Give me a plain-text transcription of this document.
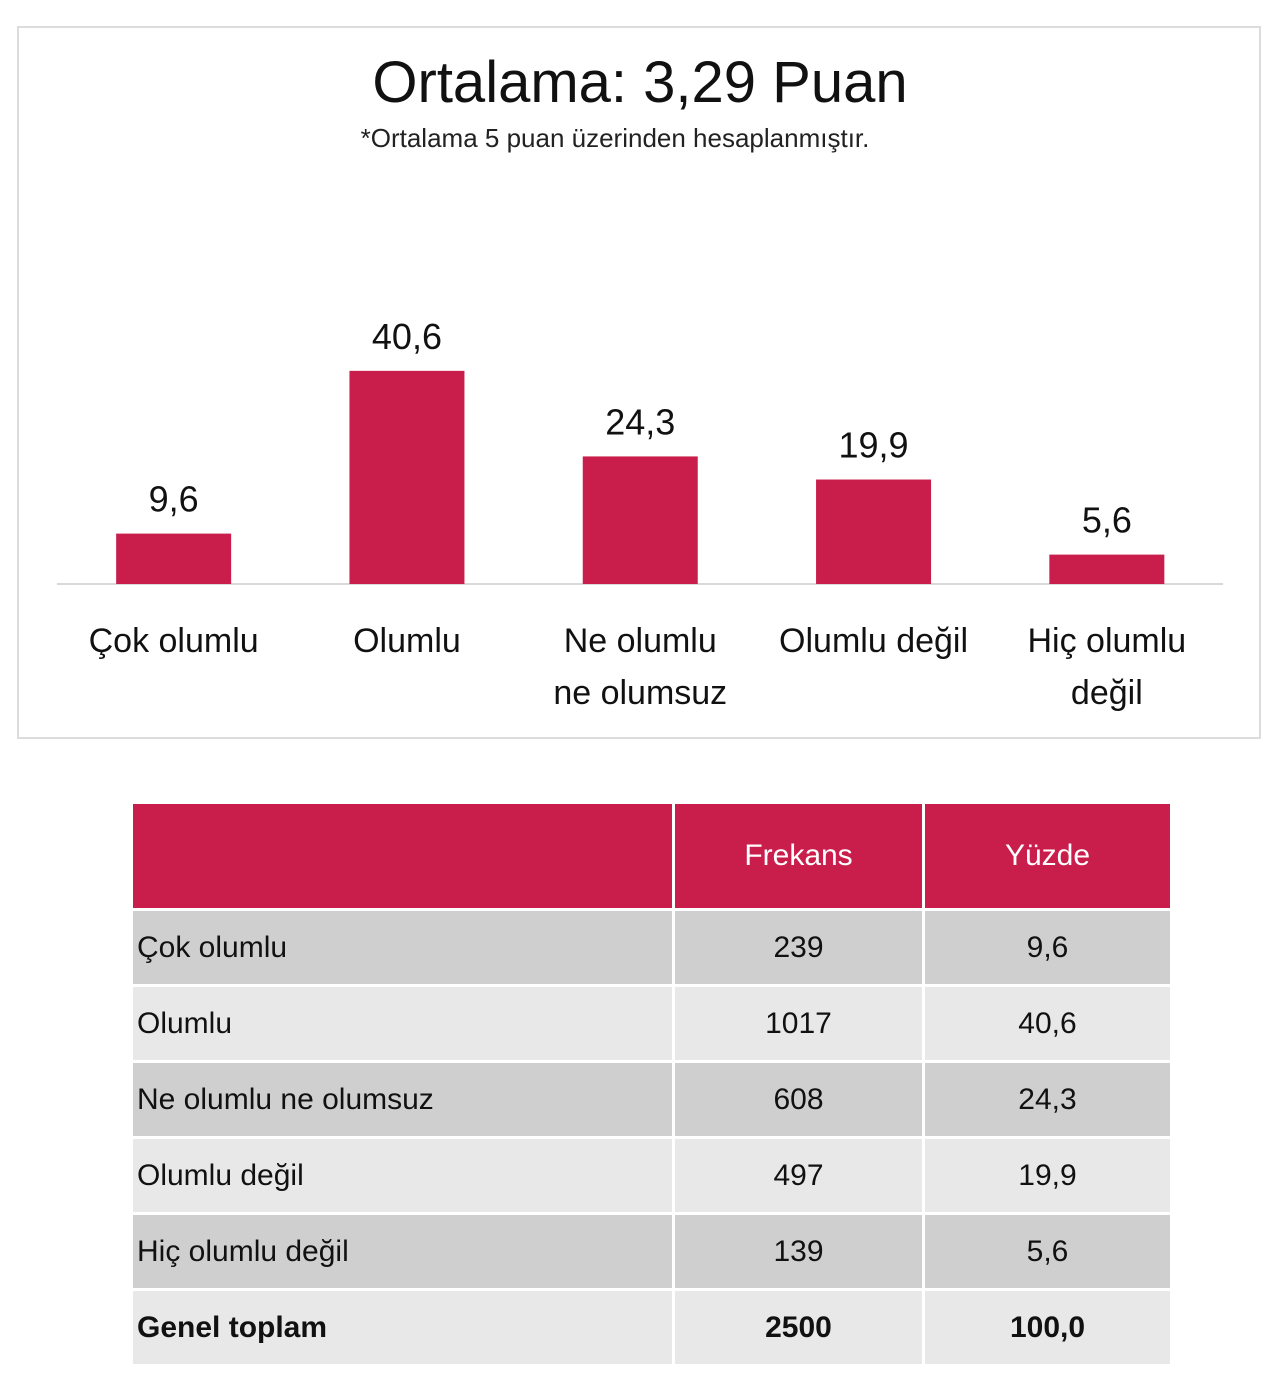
Ortalama: 3,29 Puan
*Ortalama 5 puan üzerinden hesaplanmıştır.
9,6
Çok olumlu
40,6
Olumlu
24,3
Ne olumlu
ne olumsuz
19,9
Olumlu değil
5,6
Hiç olumlu
değil
	Frekans	Yüzde
Çok olumlu	239	9,6
Olumlu	1017	40,6
Ne olumlu ne olumsuz	608	24,3
Olumlu değil	497	19,9
Hiç olumlu değil	139	5,6
Genel toplam	2500	100,0
